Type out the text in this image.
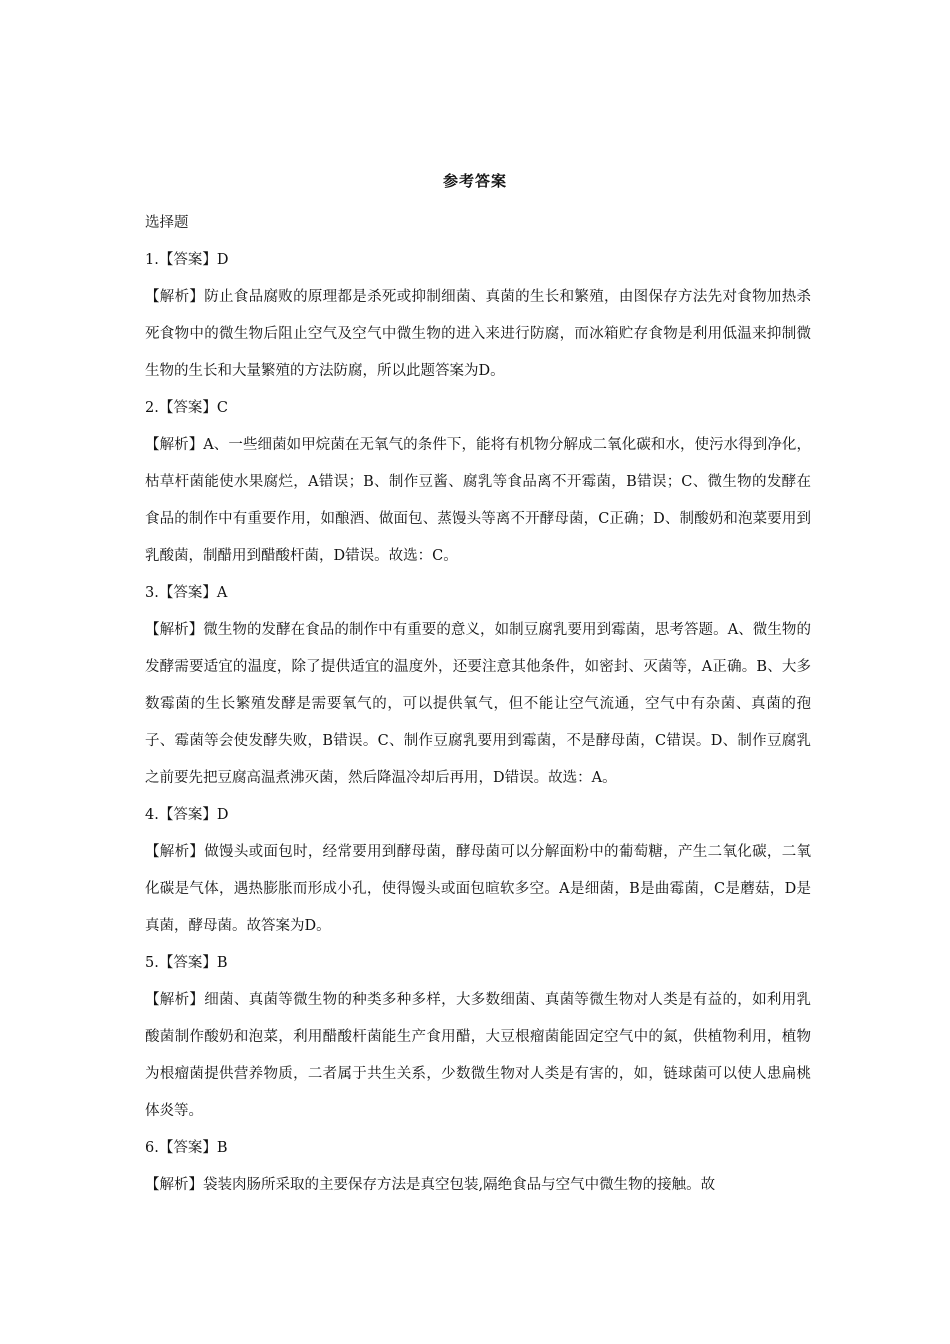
参考答案
选择题
1.【答案】D
【解析】防止食品腐败的原理都是杀死或抑制细菌、真菌的生长和繁殖，由图保存方法先对食物加热杀死食物中的微生物后阻止空气及空气中微生物的进入来进行防腐，而冰箱贮存食物是利用低温来抑制微生物的生长和大量繁殖的方法防腐，所以此题答案为D。
2.【答案】C
【解析】A、一些细菌如甲烷菌在无氧气的条件下，能将有机物分解成二氧化碳和水，使污水得到净化，枯草杆菌能使水果腐烂，A错误；B、制作豆酱、腐乳等食品离不开霉菌，B错误；C、微生物的发酵在食品的制作中有重要作用，如酿酒、做面包、蒸馒头等离不开酵母菌，C正确；D、制酸奶和泡菜要用到乳酸菌，制醋用到醋酸杆菌，D错误。故选：C。
3.【答案】A
【解析】微生物的发酵在食品的制作中有重要的意义，如制豆腐乳要用到霉菌，思考答题。A、微生物的发酵需要适宜的温度，除了提供适宜的温度外，还要注意其他条件，如密封、灭菌等，A正确。B、大多数霉菌的生长繁殖发酵是需要氧气的，可以提供氧气，但不能让空气流通，空气中有杂菌、真菌的孢子、霉菌等会使发酵失败，B错误。C、制作豆腐乳要用到霉菌，不是酵母菌，C错误。D、制作豆腐乳之前要先把豆腐高温煮沸灭菌，然后降温冷却后再用，D错误。故选：A。
4.【答案】D
【解析】做馒头或面包时，经常要用到酵母菌，酵母菌可以分解面粉中的葡萄糖，产生二氧化碳，二氧化碳是气体，遇热膨胀而形成小孔，使得馒头或面包暄软多空。A是细菌，B是曲霉菌，C是蘑菇，D是真菌，酵母菌。故答案为D。
5.【答案】B
【解析】细菌、真菌等微生物的种类多种多样，大多数细菌、真菌等微生物对人类是有益的，如利用乳酸菌制作酸奶和泡菜，利用醋酸杆菌能生产食用醋，大豆根瘤菌能固定空气中的氮，供植物利用，植物为根瘤菌提供营养物质，二者属于共生关系，少数微生物对人类是有害的，如，链球菌可以使人患扁桃体炎等。
6.【答案】B
【解析】袋装肉肠所采取的主要保存方法是真空包装,隔绝食品与空气中微生物的接触。故
